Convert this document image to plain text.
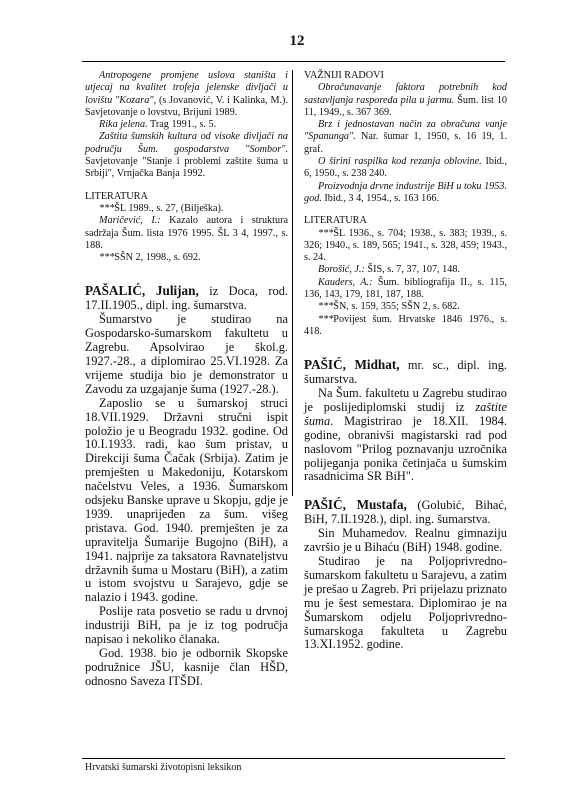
12

Antropogene promjene uslova staništa i utjecaj na kvalitet trofeja jelenske divljači u lovištu "Kozara", (s Jovanović, V. i Kalinka, M.). Savjetovanje o lovstvu, Brijuni 1989.

Rika jelena. Trag 1991., s. 5.

Zaštita šumskih kultura od visoke divljači na području Šum. gospodarstva "Sombor". Savjetovanje "Stanje i problemi zaštite šuma u Srbiji", Vrnjačka Banja 1992.

LITERATURA

***ŠL 1989., s. 27, (Bilješka).

Maričević, I.: Kazalo autora i struktura sadržaja Šum. lista 1976 1995. ŠL 3 4, 1997., s. 188.

***SŠN 2, 1998., s. 692.

PAŠALIĆ, Julijan, iz Doca, rod. 17.II.1905., dipl. ing. šumarstva.

Šumarstvo je studirao na Gospodarsko-šumarskom fakultetu u Zagrebu. Apsolvirao je škol.g. 1927.-28., a diplomirao 25.VI.1928. Za vrijeme studija bio je demonstrator u Zavodu za uzgajanje šuma (1927.-28.).

Zaposlio se u šumarskoj struci 18.VII.1929. Državni stručni ispit položio je u Beogradu 1932. godine. Od 10.I.1933. radi, kao šum pristav, u Direkciji šuma Čačak (Srbija). Zatim je premješten u Makedoniju, Kotarskom načelstvu Veles, a 1936. Šumarskom odsjeku Banske uprave u Skopju, gdje je 1939. unaprijeđen za šum. višeg pristava. God. 1940. premješten je za upravitelja Šumarije Bugojno (BiH), a 1941. najprije za taksatora Ravnateljstvu državnih šuma u Mostaru (BiH), a zatim u istom svojstvu u Sarajevo, gdje se nalazio i 1943. godine.

Poslije rata posvetio se radu u drvnoj industriji BiH, pa je iz tog područja napisao i nekoliko članaka.

God. 1938. bio je odbornik Skopske podružnice JŠU, kasnije član HŠD, odnosno Saveza ITŠDI.

VAŽNIJI RADOVI

Obračunavanje faktora potrebnih kod sastavljanja rasporeda pila u jarmu. Šum. list 10 11, 1949., s. 367 369.

Brz i jednostavan način za obračuna vanje "Spanunga". Nar. šumar 1, 1950, s. 16 19, 1. graf.

O širini raspilka kod rezanja oblovine. Ibid., 6, 1950., s. 238 240.

Proizvodnja drvne industrije BiH u toku 1953. god. Ibid., 3 4, 1954., s. 163 166.

LITERATURA

***ŠL 1936., s. 704; 1938., s. 383; 1939., s. 326; 1940., s. 189, 565; 1941., s. 328, 459; 1943., s. 24.

Borošić, J.: ŠIS, s. 7, 37, 107, 148.

Kauders, A.: Šum. bibliografija II., s. 115, 136, 143, 179, 181, 187, 188.

***ŠN, s. 159, 355; SŠN 2, s. 682.

***Povijest šum. Hrvatske 1846 1976., s. 418.

PAŠIĆ, Midhat, mr. sc., dipl. ing. šumarstva.

Na Šum. fakultetu u Zagrebu studirao je poslijediplomski studij iz zaštite šuma. Magistrirao je 18.XII. 1984. godine, obranivši magistarski rad pod naslovom "Prilog poznavanju uzročnika polijeganja ponika četinjača u šumskim rasadnicima SR BiH".

PAŠIĆ, Mustafa, (Golubić, Bihać, BiH, 7.II.1928.), dipl. ing. šumarstva.

Sin Muhamedov. Realnu gimnaziju završio je u Bihaću (BiH) 1948. godine.

Studirao je na Poljoprivredno-šumarskom fakultetu u Sarajevu, a zatim je prešao u Zagreb. Pri prijelazu priznato mu je šest semestara. Diplomirao je na Šumarskom odjelu Poljoprivredno-šumarskoga fakulteta u Zagrebu 13.XI.1952. godine.

Hrvatski šumarski životopisni leksikon
